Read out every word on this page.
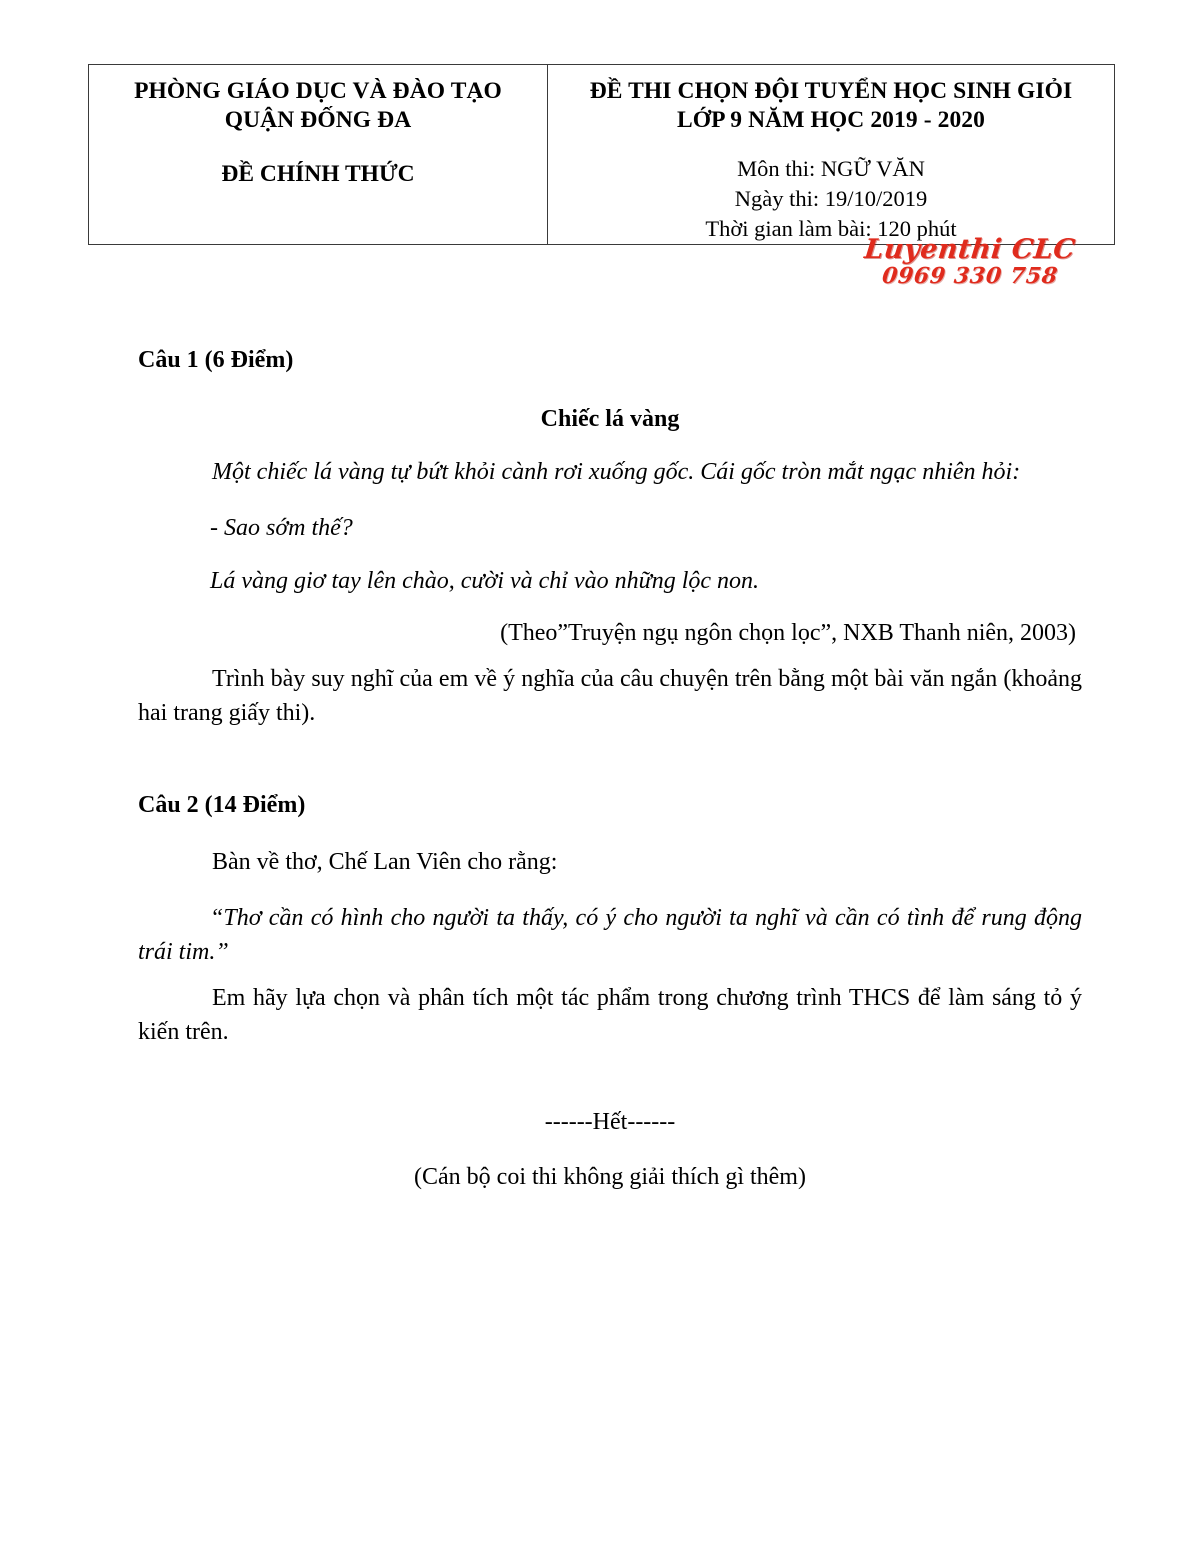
PHÒNG GIÁO DỤC VÀ ĐÀO TẠO
QUẬN ĐỐNG ĐA
ĐỀ CHÍNH THỨC

ĐỀ THI CHỌN ĐỘI TUYỂN HỌC SINH GIỎI
LỚP 9 NĂM HỌC 2019 - 2020
Môn thi: NGỮ VĂN
Ngày thi: 19/10/2019
Thời gian làm bài: 120 phút
Luyenthi CLC
0969 330 758

Câu 1 (6 Điểm)

Chiếc lá vàng

Một chiếc lá vàng tự bứt khỏi cành rơi xuống gốc. Cái gốc tròn mắt ngạc nhiên hỏi:

- Sao sớm thế?

Lá vàng giơ tay lên chào, cười và chỉ vào những lộc non.

(Theo”Truyện ngụ ngôn chọn lọc”, NXB Thanh niên, 2003)

Trình bày suy nghĩ của em về ý nghĩa của câu chuyện trên bằng một bài văn ngắn (khoảng hai trang giấy thi).

Câu 2 (14 Điểm)

Bàn về thơ, Chế Lan Viên cho rằng:

“Thơ cần có hình cho người ta thấy, có ý cho người ta nghĩ và cần có tình để rung động trái tim.”

Em hãy lựa chọn và phân tích một tác phẩm trong chương trình THCS để làm sáng tỏ ý kiến trên.

------Hết------

(Cán bộ coi thi không giải thích gì thêm)
